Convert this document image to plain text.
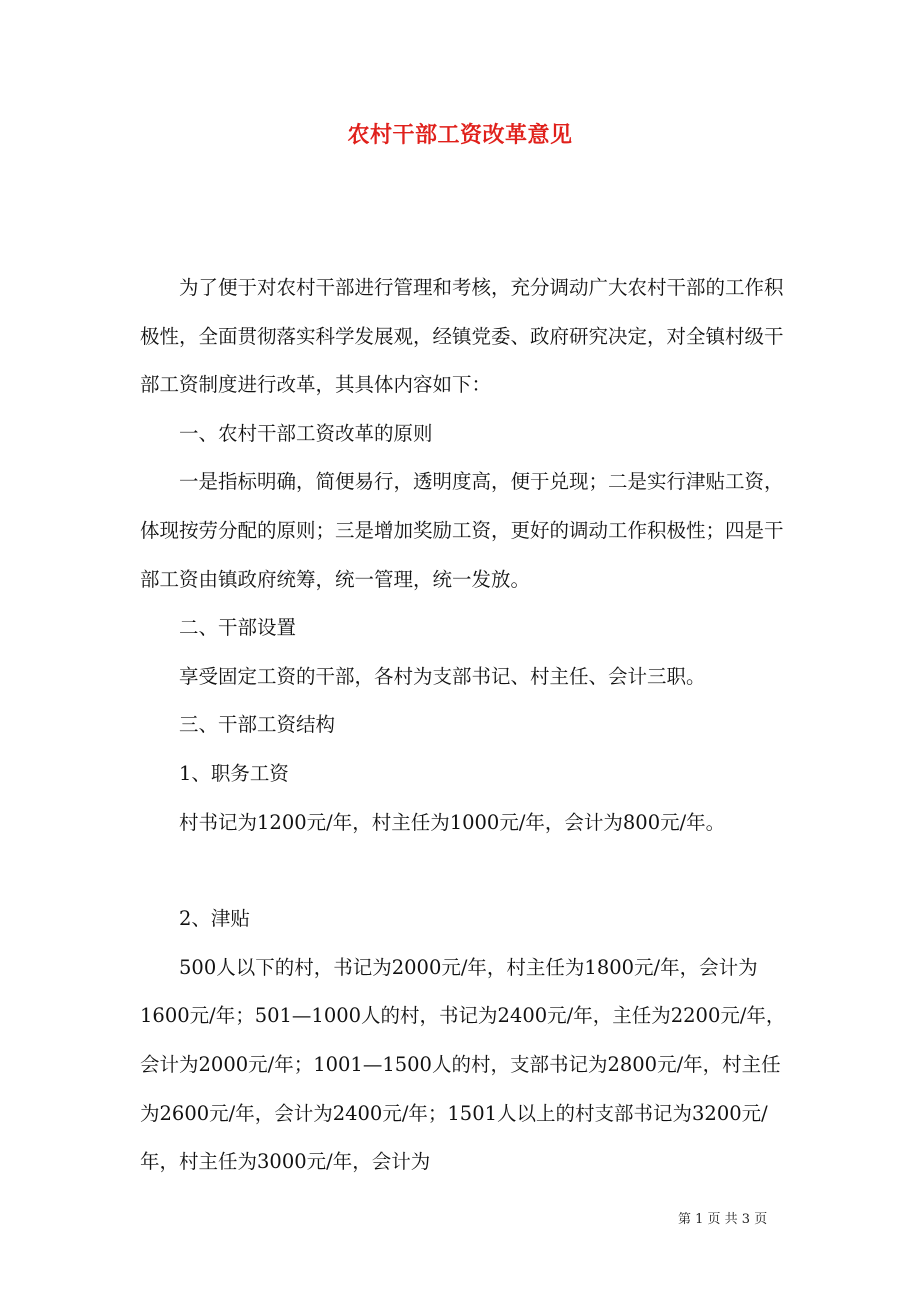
农村干部工资改革意见

为了便于对农村干部进行管理和考核，充分调动广大农村干部的工作积极性，全面贯彻落实科学发展观，经镇党委、政府研究决定，对全镇村级干部工资制度进行改革，其具体内容如下：

一、农村干部工资改革的原则

一是指标明确，简便易行，透明度高，便于兑现；二是实行津贴工资，体现按劳分配的原则；三是增加奖励工资，更好的调动工作积极性；四是干部工资由镇政府统筹，统一管理，统一发放。

二、干部设置

享受固定工资的干部，各村为支部书记、村主任、会计三职。

三、干部工资结构

1、职务工资

村书记为1200元/年，村主任为1000元/年，会计为800元/年。

2、津贴

500人以下的村，书记为2000元/年，村主任为1800元/年，会计为1600元/年；501—1000人的村，书记为2400元/年，主任为2200元/年，会计为2000元/年；1001—1500人的村，支部书记为2800元/年，村主任为2600元/年，会计为2400元/年；1501人以上的村支部书记为3200元/年，村主任为3000元/年，会计为

第 1 页 共 3 页
